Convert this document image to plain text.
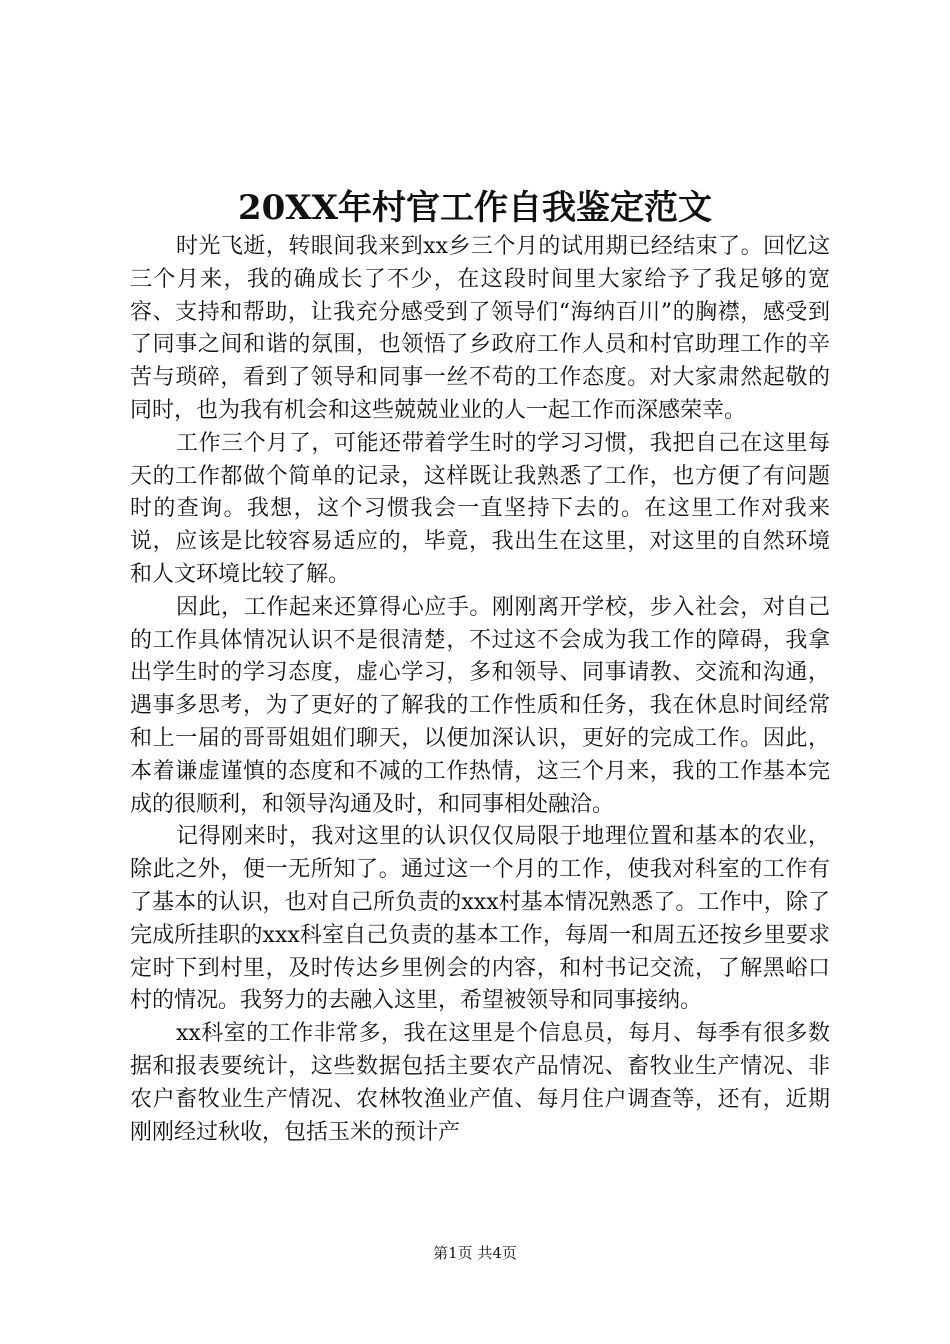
20XX年村官工作自我鉴定范文

时光飞逝，转眼间我来到xx乡三个月的试用期已经结束了。回忆这三个月来，我的确成长了不少，在这段时间里大家给予了我足够的宽容、支持和帮助，让我充分感受到了领导们“海纳百川”的胸襟，感受到了同事之间和谐的氛围，也领悟了乡政府工作人员和村官助理工作的辛苦与琐碎，看到了领导和同事一丝不苟的工作态度。对大家肃然起敬的同时，也为我有机会和这些兢兢业业的人一起工作而深感荣幸。

工作三个月了，可能还带着学生时的学习习惯，我把自己在这里每天的工作都做个简单的记录，这样既让我熟悉了工作，也方便了有问题时的查询。我想，这个习惯我会一直坚持下去的。在这里工作对我来说，应该是比较容易适应的，毕竟，我出生在这里，对这里的自然环境和人文环境比较了解。

因此，工作起来还算得心应手。刚刚离开学校，步入社会，对自己的工作具体情况认识不是很清楚，不过这不会成为我工作的障碍，我拿出学生时的学习态度，虚心学习，多和领导、同事请教、交流和沟通，遇事多思考，为了更好的了解我的工作性质和任务，我在休息时间经常和上一届的哥哥姐姐们聊天，以便加深认识，更好的完成工作。因此，本着谦虚谨慎的态度和不减的工作热情，这三个月来，我的工作基本完成的很顺利，和领导沟通及时，和同事相处融洽。

记得刚来时，我对这里的认识仅仅局限于地理位置和基本的农业，除此之外，便一无所知了。通过这一个月的工作，使我对科室的工作有了基本的认识，也对自己所负责的xxx村基本情况熟悉了。工作中，除了完成所挂职的xxx科室自己负责的基本工作，每周一和周五还按乡里要求定时下到村里，及时传达乡里例会的内容，和村书记交流，了解黑峪口村的情况。我努力的去融入这里，希望被领导和同事接纳。

xx科室的工作非常多，我在这里是个信息员，每月、每季有很多数据和报表要统计，这些数据包括主要农产品情况、畜牧业生产情况、非农户畜牧业生产情况、农林牧渔业产值、每月住户调查等，还有，近期刚刚经过秋收，包括玉米的预计产

第1页 共4页
